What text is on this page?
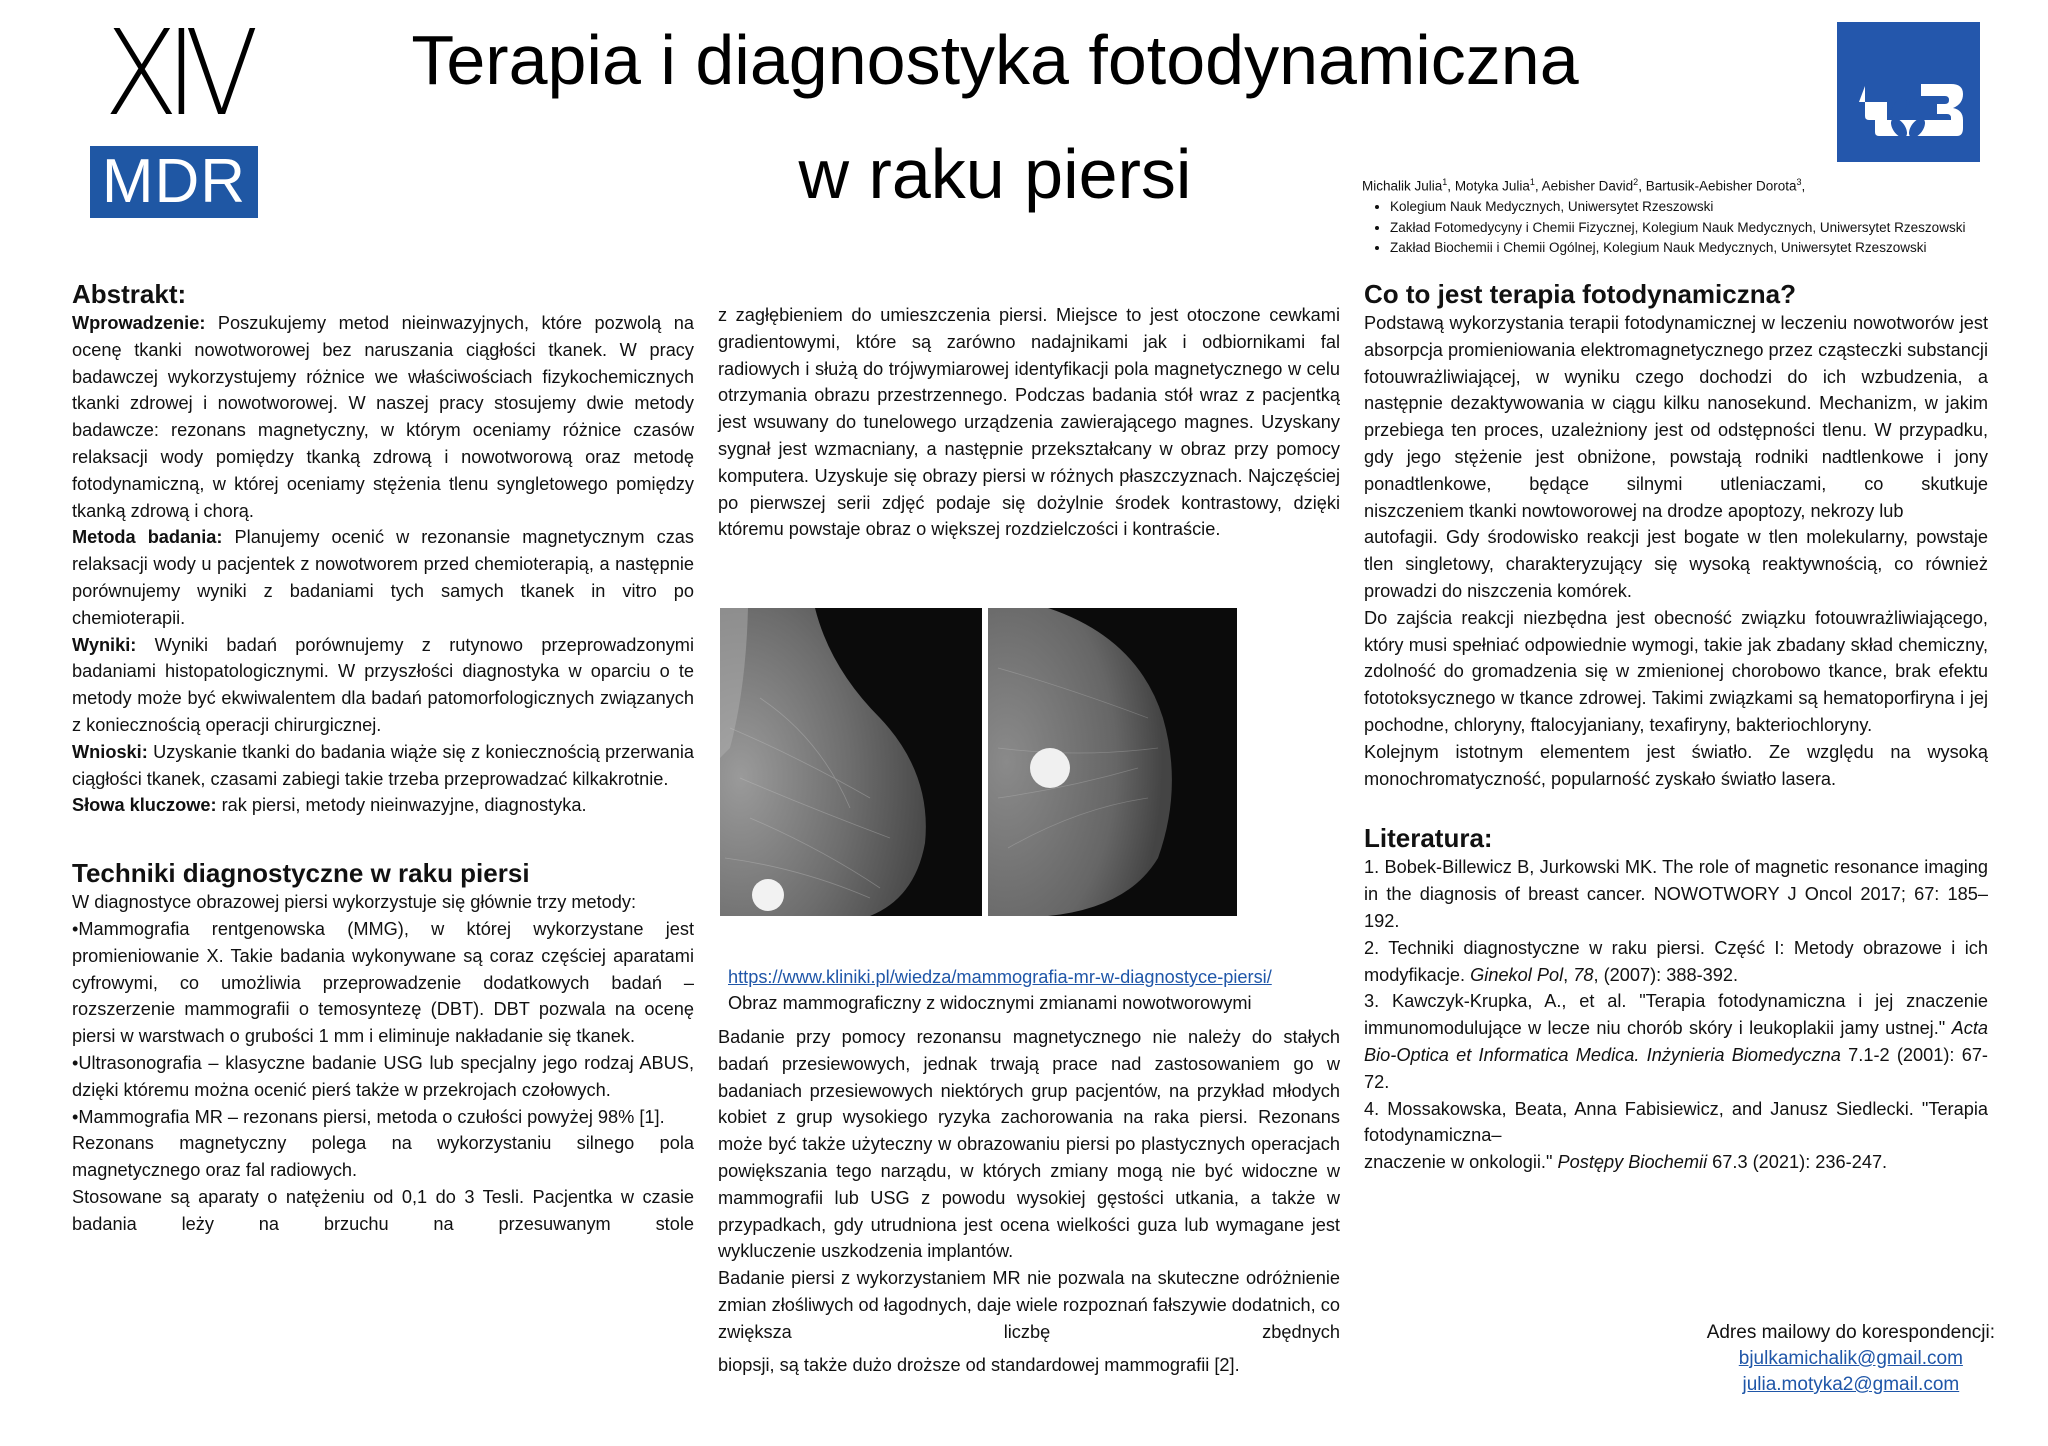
XIV
MDR
Terapia i diagnostyka fotodynamiczna
w raku piersi	Michalik Julia$^1$, Motyka Julia$^1$, Aebisher David$^2$, Bartusik-Aebisher Dorota$^3$,
• Kolegium Nauk Medycznych, Uniwersytet Rzeszowski
• Zakład Fotomedycyny i Chemii Fizycznej, Kolegium Nauk Medycznych, Uniwersytet Rzeszowski
• Zakład Biochemii i Chemii Ogólnej, Kolegium Nauk Medycznych, Uniwersytet Rzeszowski
Abstrakt:

Wprowadzenie: Poszukujemy metod nieinwazyjnych, które pozwolą na ocenę tkanki nowotworowej bez naruszania ciągłości tkanek. W pracy badawczej wykorzystujemy różnice we właściwościach fizykochemicznych tkanki zdrowej i nowotworowej. W naszej pracy stosujemy dwie metody badawcze: rezonans magnetyczny, w którym oceniamy różnice czasów relaksacji wody pomiędzy tkanką zdrową i nowotworową oraz metodę fotodynamiczną, w której oceniamy stężenia tlenu syngletowego pomiędzy tkanką zdrową i chorą.

Metoda badania: Planujemy ocenić w rezonansie magnetycznym czas relaksacji wody u pacjentek z nowotworem przed chemioterapią, a następnie porównujemy wyniki z badaniami tych samych tkanek in vitro po chemioterapii.

Wyniki: Wyniki badań porównujemy z rutynowo przeprowadzonymi badaniami histopatologicznymi. W przyszłości diagnostyka w oparciu o te metody może być ekwiwalentem dla badań patomorfologicznych związanych z koniecznością operacji chirurgicznej.

Wnioski: Uzyskanie tkanki do badania wiąże się z koniecznością przerwania ciągłości tkanek, czasami zabiegi takie trzeba przeprowadzać kilkakrotnie.

Słowa kluczowe: rak piersi, metody nieinwazyjne, diagnostyka.

Techniki diagnostyczne w raku piersi

W diagnostyce obrazowej piersi wykorzystuje się głównie trzy metody:

•Mammografia rentgenowska (MMG), w której wykorzystane jest promieniowanie X. Takie badania wykonywane są coraz częściej aparatami cyfrowymi, co umożliwia przeprowadzenie dodatkowych badań – rozszerzenie mammografii o temosyntezę (DBT). DBT pozwala na ocenę piersi w warstwach o grubości 1 mm i eliminuje nakładanie się tkanek.

•Ultrasonografia – klasyczne badanie USG lub specjalny jego rodzaj ABUS, dzięki któremu można ocenić pierś także w przekrojach czołowych.

•Mammografia MR – rezonans piersi, metoda o czułości powyżej 98% [1].

Rezonans magnetyczny polega na wykorzystaniu silnego pola magnetycznego oraz fal radiowych.

Stosowane są aparaty o natężeniu od 0,1 do 3 Tesli. Pacjentka w czasie badania leży na brzuchu na przesuwanym stole

z zagłębieniem do umieszczenia piersi. Miejsce to jest otoczone cewkami gradientowymi, które są zarówno nadajnikami jak i odbiornikami fal radiowych i służą do trójwymiarowej identyfikacji pola magnetycznego w celu otrzymania obrazu przestrzennego. Podczas badania stół wraz z pacjentką jest wsuwany do tunelowego urządzenia zawierającego magnes. Uzyskany sygnał jest wzmacniany, a następnie przekształcany w obraz przy pomocy komputera. Uzyskuje się obrazy piersi w różnych płaszczyznach. Najczęściej po pierwszej serii zdjęć podaje się dożylnie środek kontrastowy, dzięki któremu powstaje obraz o większej rozdzielczości i kontraście.

https://www.kliniki.pl/wiedza/mammografia-mr-w-diagnostyce-piersi/
Obraz mammograficzny z widocznymi zmianami nowotworowymi

Badanie przy pomocy rezonansu magnetycznego nie należy do stałych badań przesiewowych, jednak trwają prace nad zastosowaniem go w badaniach przesiewowych niektórych grup pacjentów, na przykład młodych kobiet z grup wysokiego ryzyka zachorowania na raka piersi. Rezonans może być także użyteczny w obrazowaniu piersi po plastycznych operacjach powiększania tego narządu, w których zmiany mogą nie być widoczne w mammografii lub USG z powodu wysokiej gęstości utkania, a także w przypadkach, gdy utrudniona jest ocena wielkości guza lub wymagane jest wykluczenie uszkodzenia implantów.

Badanie piersi z wykorzystaniem MR nie pozwala na skuteczne odróżnienie zmian złośliwych od łagodnych, daje wiele rozpoznań fałszywie dodatnich, co zwiększa liczbę zbędnych

biopsji, są także dużo droższe od standardowej mammografii [2].

Co to jest terapia fotodynamiczna?

Podstawą wykorzystania terapii fotodynamicznej w leczeniu nowotworów jest absorpcja promieniowania elektromagnetycznego przez cząsteczki substancji fotouwrażliwiającej, w wyniku czego dochodzi do ich wzbudzenia, a następnie dezaktywowania w ciągu kilku nanosekund. Mechanizm, w jakim przebiega ten proces, uzależniony jest od odstępności tlenu. W przypadku, gdy jego stężenie jest obniżone, powstają rodniki nadtlenkowe i jony ponadtlenkowe, będące silnymi utleniaczami, co skutkuje

niszczeniem tkanki nowtoworowej na drodze apoptozy, nekrozy lub

autofagii. Gdy środowisko reakcji jest bogate w tlen molekularny, powstaje tlen singletowy, charakteryzujący się wysoką reaktywnością, co również prowadzi do niszczenia komórek.

Do zajścia reakcji niezbędna jest obecność związku fotouwrażliwiającego, który musi spełniać odpowiednie wymogi, takie jak zbadany skład chemiczny, zdolność do gromadzenia się w zmienionej chorobowo tkance, brak efektu fototoksycznego w tkance zdrowej. Takimi związkami są hematoporfiryna i jej pochodne, chloryny, ftalocyjaniany, texafiryny, bakteriochloryny.

Kolejnym istotnym elementem jest światło. Ze względu na wysoką monochromatyczność, popularność zyskało światło lasera.

Literatura:

1. Bobek-Billewicz B, Jurkowski MK. The role of magnetic resonance imaging in the diagnosis of breast cancer. NOWOTWORY J Oncol 2017; 67: 185–192.

2. Techniki diagnostyczne w raku piersi. Część I: Metody obrazowe i ich modyfikacje. Ginekol Pol, 78, (2007): 388-392.

3. Kawczyk-Krupka, A., et al. "Terapia fotodynamiczna i jej znaczenie immunomodulujące w lecze niu chorób skóry i leukoplakii jamy ustnej." Acta Bio-Optica et Informatica Medica. Inżynieria Biomedyczna 7.1-2 (2001): 67-72.

4. Mossakowska, Beata, Anna Fabisiewicz, and Janusz Siedlecki. "Terapia fotodynamiczna–

znaczenie w onkologii." Postępy Biochemii 67.3 (2021): 236-247.

Adres mailowy do korespondencji:
bjulkamichalik@gmail.com
julia.motyka2@gmail.com
